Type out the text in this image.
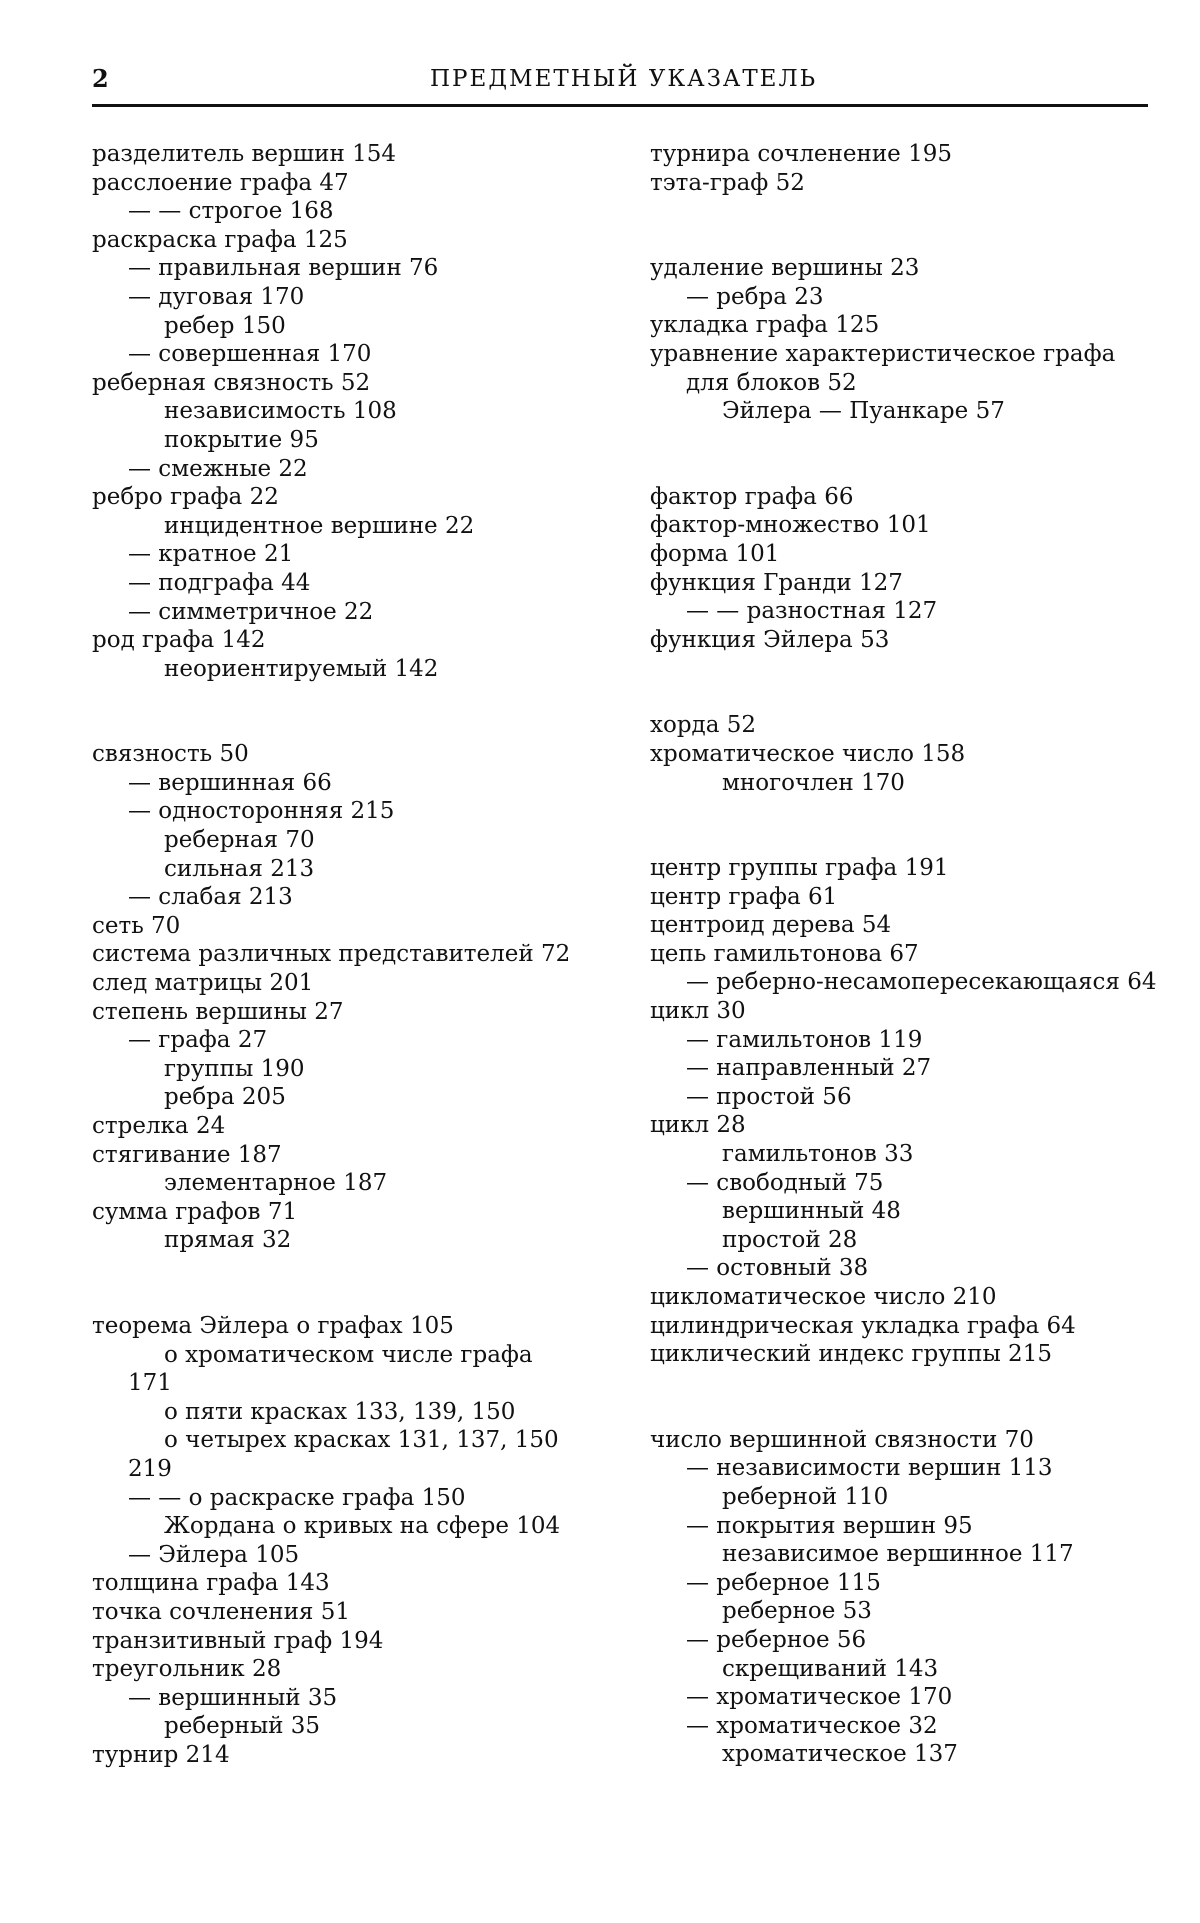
2	ПРЕДМЕТНЫЙ УКАЗАТЕЛЬ
разделитель вершин 154
расслоение графа 47
— — строгое 168
раскраска графа 125
— правильная вершин 76
— дуговая 170
ребер 150
— совершенная 170
реберная связность 52
независимость 108
покрытие 95
— смежные 22
ребро графа 22
инцидентное вершине 22
— кратное 21
— подграфа 44
— симметричное 22
род графа 142
неориентируемый 142
связность 50
— вершинная 66
— односторонняя 215
реберная 70
сильная 213
— слабая 213
сеть 70
система различных представителей 72
след матрицы 201
степень вершины 27
— графа 27
группы 190
ребра 205
стрелка 24
стягивание 187
элементарное 187
сумма графов 71
прямая 32
теорема Эйлера о графах 105
о хроматическом числе графа
171
о пяти красках 133, 139, 150
о четырех красках 131, 137, 150
219
— — о раскраске графа 150
Жордана о кривых на сфере 104
— Эйлера 105
толщина графа 143
точка сочленения 51
транзитивный граф 194
треугольник 28
— вершинный 35
реберный 35
турнир 214
турнира сочленение 195
тэта-граф 52
удаление вершины 23
— ребра 23
укладка графа 125
уравнение характеристическое графа
для блоков 52
Эйлера — Пуанкаре 57
фактор графа 66
фактор-множество 101
форма 101
функция Гранди 127
— — разностная 127
функция Эйлера 53
хорда 52
хроматическое число 158
многочлен 170
центр группы графа 191
центр графа 61
центроид дерева 54
цепь гамильтонова 67
— реберно-несамопересекающаяся 64
цикл 30
— гамильтонов 119
— направленный 27
— простой 56
цикл 28
гамильтонов 33
— свободный 75
вершинный 48
простой 28
— остовный 38
цикломатическое число 210
цилиндрическая укладка графа 64
циклический индекс группы 215
число вершинной связности 70
— независимости вершин 113
реберной 110
— покрытия вершин 95
независимое вершинное 117
— реберное 115
реберное 53
— реберное 56
скрещиваний 143
— хроматическое 170
— хроматическое 32
хроматическое 137
